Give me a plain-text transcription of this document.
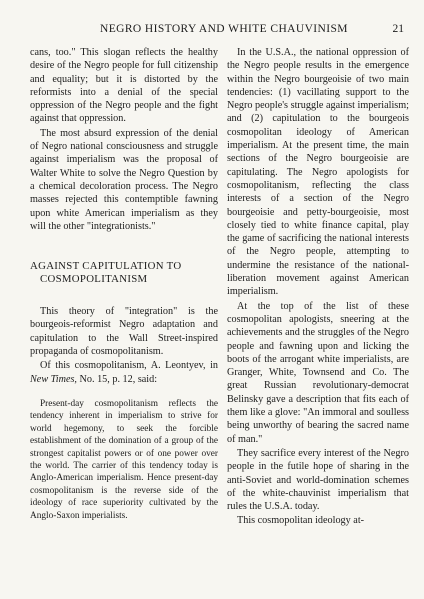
NEGRO HISTORY AND WHITE CHAUVINISM	21

cans, too." This slogan reflects the healthy desire of the Negro people for full citizenship and equality; but it is distorted by the reformists into a denial of the special oppression of the Negro people and the fight against that oppression.

The most absurd expression of the denial of Negro national consciousness and struggle against imperialism was the proposal of Walter White to solve the Negro Question by a chemical decoloration process. The Negro masses rejected this contemptible fawning upon white American imperialism as they will the other "integrationists."

AGAINST CAPITULATION TO
COSMOPOLITANISM

This theory of "integration" is the bourgeois-reformist Negro adaptation and capitulation to the Wall Street-inspired propaganda of cosmopolitanism.

Of this cosmopolitanism, A. Leontyev, in New Times, No. 15, p. 12, said:

Present-day cosmopolitanism reflects the tendency inherent in imperialism to strive for world hegemony, to seek the forcible establishment of the domination of a group of the strongest capitalist powers or of one power over the world. The carrier of this tendency today is Anglo-American imperialism. Hence present-day cosmopolitanism is the reverse side of the ideology of race superiority cultivated by the Anglo-Saxon imperialists.

In the U.S.A., the national oppression of the Negro people results in the emergence within the Negro bourgeoisie of two main tendencies: (1) vacillating support to the Negro people's struggle against imperialism; and (2) capitulation to the bourgeois cosmopolitan ideology of American imperialism. At the present time, the main sections of the Negro bourgeoisie are capitulating. The Negro apologists for cosmopolitanism, reflecting the class interests of a section of the Negro bourgeoisie and petty-bourgeoisie, most closely tied to white finance capital, play the game of sacrificing the national interests of the Negro people, attempting to undermine the resistance of the national-liberation movement against American imperialism.

At the top of the list of these cosmopolitan apologists, sneering at the achievements and the struggles of the Negro people and fawning upon and licking the boots of the arrogant white imperialists, are Granger, White, Townsend and Co. The great Russian revolutionary-democrat Belinsky gave a description that fits each of them like a glove: "An immoral and soulless being unworthy of bearing the sacred name of man."

They sacrifice every interest of the Negro people in the futile hope of sharing in the anti-Soviet and world-domination schemes of the white-chauvinist imperialism that rules the U.S.A. today.

This cosmopolitan ideology at-
